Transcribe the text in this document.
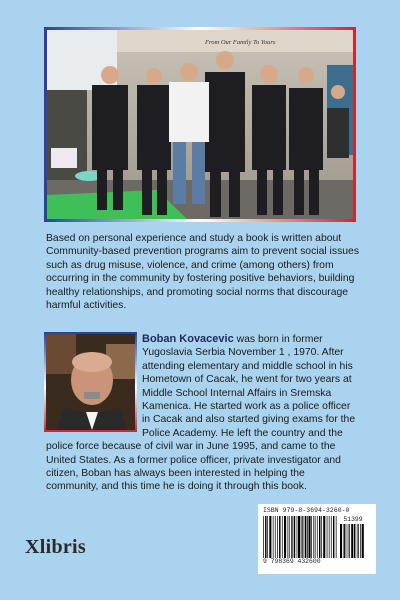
From Our Family To Yours

Based on personal experience and study a book is written about Community-based prevention programs aim to prevent social issues such as drug misuse, violence, and crime (among others) from occurring in the community by fostering positive behaviors, building healthy relationships, and promoting social norms that discourage harmful activities.

Boban Kovacevic was born in former Yugoslavia Serbia November 1 , 1970. After attending elementary and middle school in his Hometown of Cacak, he went for two years at Middle School Internal Affairs in Sremska Kamenica. He started work as a police officer in Cacak and also started giving exams for the Police Academy. He left the country and the police force because of civil war in June 1995, and came to the United States. As a former police officer, private investigator and citizen, Boban has always been interested in helping the community, and this time he is doing it through this book.

ISBN 979-8-3694-3260-0
51399
9 798369 432600
Xlibris
